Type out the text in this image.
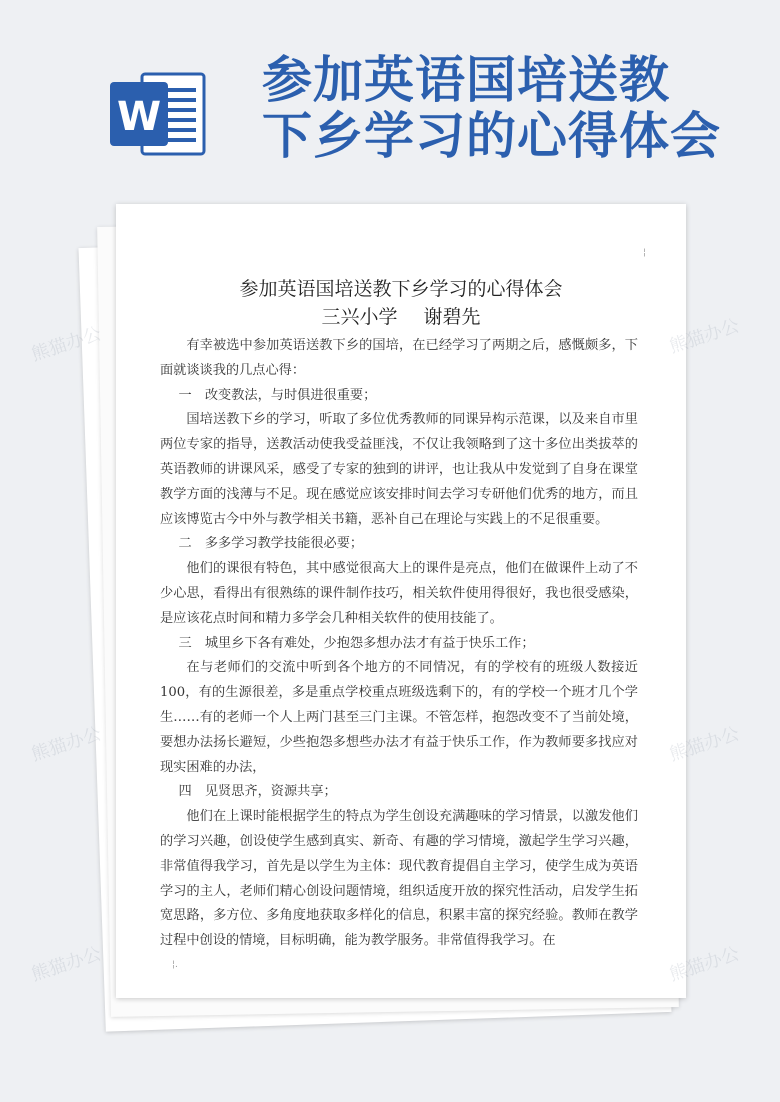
W
参加英语国培送教
下乡学习的心得体会
¦
参加英语国培送教下乡学习的心得体会
三兴小学 谢碧先

有幸被选中参加英语送教下乡的国培，在已经学习了两期之后，感慨颇多，下面就谈谈我的几点心得：

一　改变教法，与时俱进很重要；

国培送教下乡的学习，听取了多位优秀教师的同课异构示范课，以及来自市里两位专家的指导，送教活动使我受益匪浅，不仅让我领略到了这十多位出类拔萃的英语教师的讲课风采，感受了专家的独到的讲评，也让我从中发觉到了自身在课堂教学方面的浅薄与不足。现在感觉应该安排时间去学习专研他们优秀的地方，而且应该博览古今中外与教学相关书籍，恶补自己在理论与实践上的不足很重要。

二　多多学习教学技能很必要；

他们的课很有特色，其中感觉很高大上的课件是亮点，他们在做课件上动了不少心思，看得出有很熟练的课件制作技巧，相关软件使用得很好，我也很受感染，是应该花点时间和精力多学会几种相关软件的使用技能了。

三　城里乡下各有难处，少抱怨多想办法才有益于快乐工作；

在与老师们的交流中听到各个地方的不同情况，有的学校有的班级人数接近 100，有的生源很差，多是重点学校重点班级选剩下的，有的学校一个班才几个学生……有的老师一个人上两门甚至三门主课。不管怎样，抱怨改变不了当前处境，要想办法扬长避短，少些抱怨多想些办法才有益于快乐工作，作为教师要多找应对现实困难的办法，

四　见贤思齐，资源共享；

他们在上课时能根据学生的特点为学生创设充满趣味的学习情景，以激发他们的学习兴趣，创设使学生感到真实、新奇、有趣的学习情境，激起学生学习兴趣，非常值得我学习，首先是以学生为主体：现代教育提倡自主学习，使学生成为英语学习的主人，老师们精心创设问题情境，组织适度开放的探究性活动，启发学生拓宽思路，多方位、多角度地获取多样化的信息，积累丰富的探究经验。教师在教学过程中创设的情境，目标明确，能为教学服务。非常值得我学习。在

¦.
熊猫办公	熊猫办公
熊猫办公	熊猫办公
熊猫办公	熊猫办公
